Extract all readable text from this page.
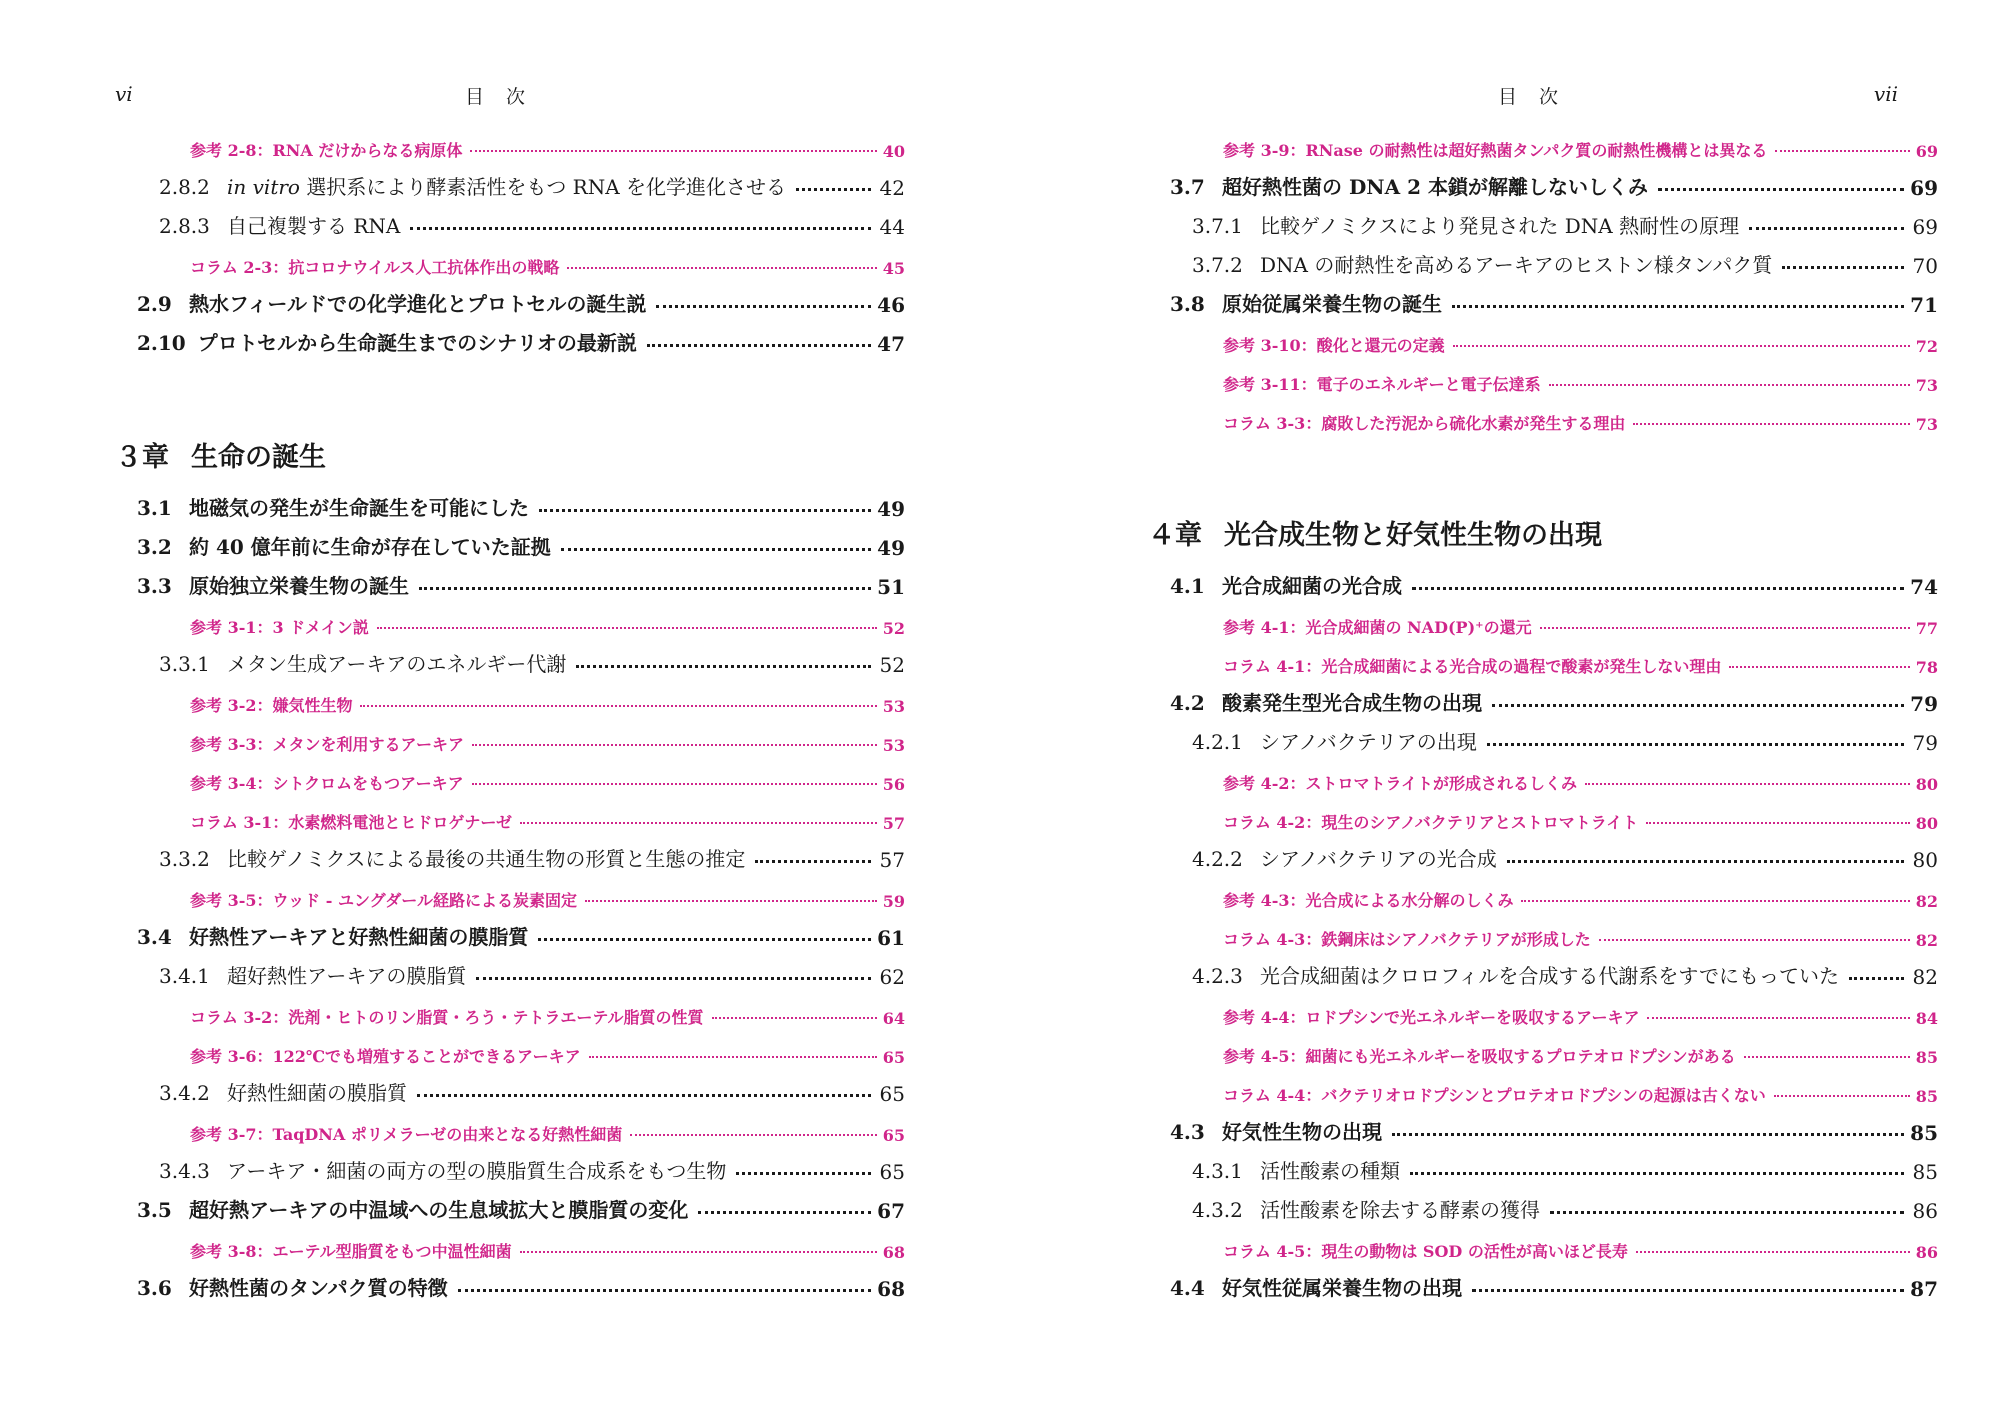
vi	目 次
参考 2-8：RNA だけからなる病原体	40
2.8.2 in vitro 選択系により酵素活性をもつ RNA を化学進化させる	42
2.8.3 自己複製する RNA	44
コラム 2-3：抗コロナウイルス人工抗体作出の戦略	45
2.9 熱水フィールドでの化学進化とプロトセルの誕生説	46
2.10 プロトセルから生命誕生までのシナリオの最新説	47
３章 生命の誕生
3.1 地磁気の発生が生命誕生を可能にした	49
3.2 約 40 億年前に生命が存在していた証拠	49
3.3 原始独立栄養生物の誕生	51
参考 3-1：3 ドメイン説	52
3.3.1 メタン生成アーキアのエネルギー代謝	52
参考 3-2：嫌気性生物	53
参考 3-3：メタンを利用するアーキア	53
参考 3-4：シトクロムをもつアーキア	56
コラム 3-1：水素燃料電池とヒドロゲナーゼ	57
3.3.2 比較ゲノミクスによる最後の共通生物の形質と生態の推定	57
参考 3-5：ウッド - ユングダール経路による炭素固定	59
3.4 好熱性アーキアと好熱性細菌の膜脂質	61
3.4.1 超好熱性アーキアの膜脂質	62
コラム 3-2：洗剤・ヒトのリン脂質・ろう・テトラエーテル脂質の性質	64
参考 3-6：122℃でも増殖することができるアーキア	65
3.4.2 好熱性細菌の膜脂質	65
参考 3-7：TaqDNA ポリメラーゼの由来となる好熱性細菌	65
3.4.3 アーキア・細菌の両方の型の膜脂質生合成系をもつ生物	65
3.5 超好熱アーキアの中温域への生息域拡大と膜脂質の変化	67
参考 3-8：エーテル型脂質をもつ中温性細菌	68
3.6 好熱性菌のタンパク質の特徴	68
目 次	vii
参考 3-9：RNase の耐熱性は超好熱菌タンパク質の耐熱性機構とは異なる	69
3.7 超好熱性菌の DNA 2 本鎖が解離しないしくみ	69
3.7.1 比較ゲノミクスにより発見された DNA 熱耐性の原理	69
3.7.2 DNA の耐熱性を高めるアーキアのヒストン様タンパク質	70
3.8 原始従属栄養生物の誕生	71
参考 3-10：酸化と還元の定義	72
参考 3-11：電子のエネルギーと電子伝達系	73
コラム 3-3：腐敗した汚泥から硫化水素が発生する理由	73
４章 光合成生物と好気性生物の出現
4.1 光合成細菌の光合成	74
参考 4-1：光合成細菌の NAD(P)⁺の還元	77
コラム 4-1：光合成細菌による光合成の過程で酸素が発生しない理由	78
4.2 酸素発生型光合成生物の出現	79
4.2.1 シアノバクテリアの出現	79
参考 4-2：ストロマトライトが形成されるしくみ	80
コラム 4-2：現生のシアノバクテリアとストロマトライト	80
4.2.2 シアノバクテリアの光合成	80
参考 4-3：光合成による水分解のしくみ	82
コラム 4-3：鉄鋼床はシアノバクテリアが形成した	82
4.2.3 光合成細菌はクロロフィルを合成する代謝系をすでにもっていた	82
参考 4-4：ロドプシンで光エネルギーを吸収するアーキア	84
参考 4-5：細菌にも光エネルギーを吸収するプロテオロドプシンがある	85
コラム 4-4：バクテリオロドプシンとプロテオロドプシンの起源は古くない	85
4.3 好気性生物の出現	85
4.3.1 活性酸素の種類	85
4.3.2 活性酸素を除去する酵素の獲得	86
コラム 4-5：現生の動物は SOD の活性が高いほど長寿	86
4.4 好気性従属栄養生物の出現	87
